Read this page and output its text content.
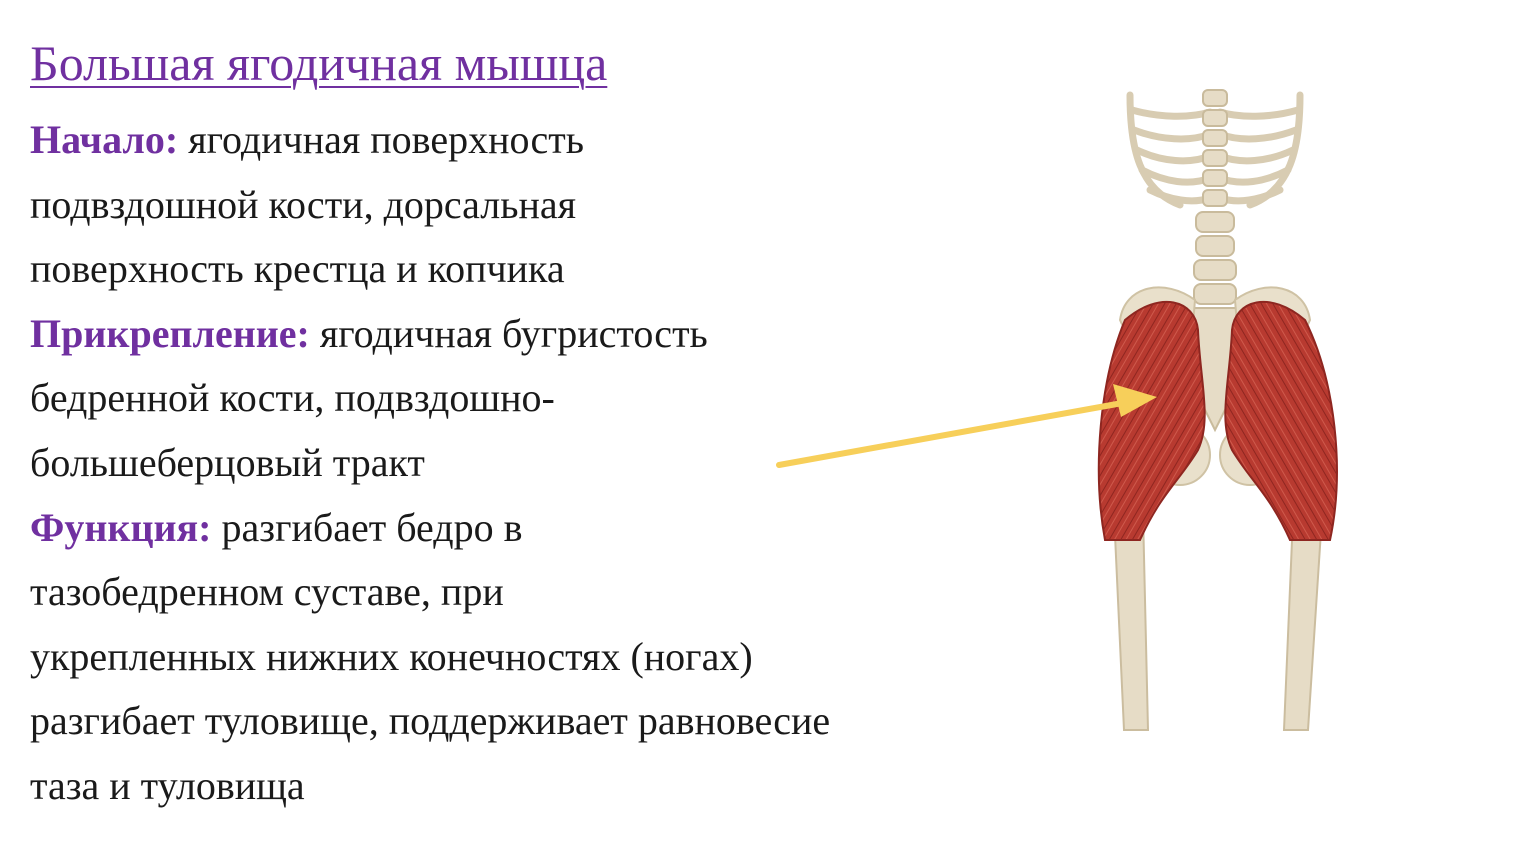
Большая ягодичная мышца
Начало: ягодичная поверхность
подвздошной кости, дорсальная
поверхность крестца и копчика
Прикрепление: ягодичная бугристость
бедренной кости, подвздошно-
большеберцовый тракт
Функция: разгибает бедро в
тазобедренном суставе, при
укрепленных нижних конечностях (ногах)
разгибает туловище, поддерживает равновесие
таза и туловища
